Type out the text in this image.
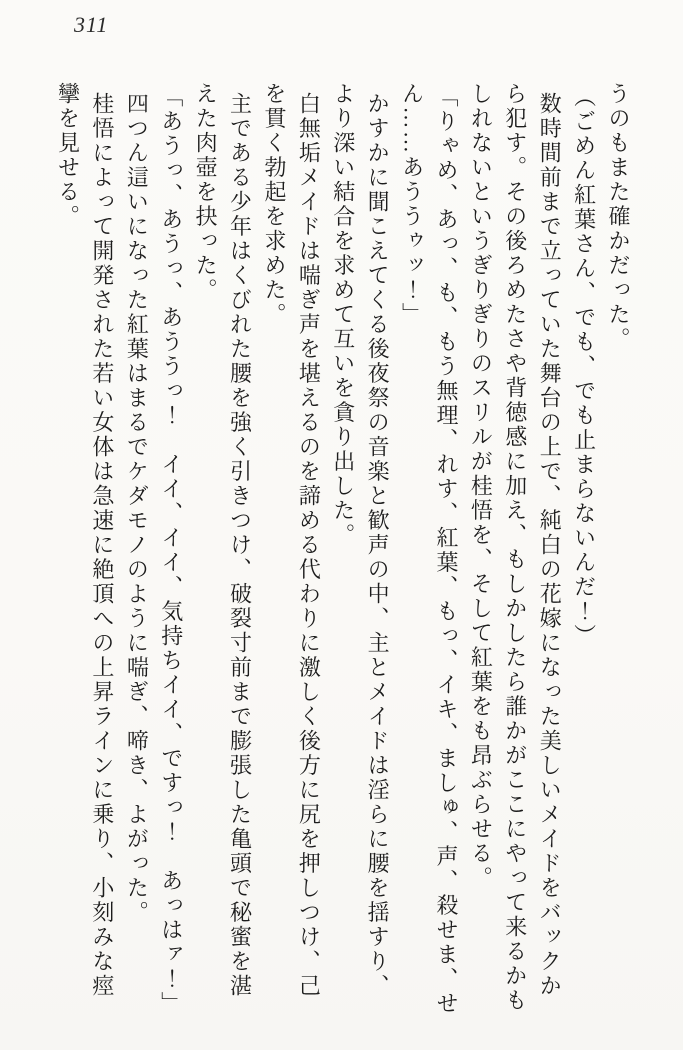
311
うのもまた確かだった。
（ごめん紅葉さん、でも、でも止まらないんだ！）
数時間前まで立っていた舞台の上で、純白の花嫁になった美しいメイドをバックか
ら犯す。その後ろめたさや背徳感に加え、もしかしたら誰かがここにやって来るかも
しれないというぎりぎりのスリルが桂悟を、そして紅葉をも昂ぶらせる。
「りゃめ、あっ、も、もう無理、れす、紅葉、もっ、イキ、ましゅ、声、殺せま、せ
ん……あううゥッ！」
かすかに聞こえてくる後夜祭の音楽と歓声の中、主とメイドは淫らに腰を揺すり、
より深い結合を求めて互いを貪り出した。
白無垢メイドは喘ぎ声を堪えるのを諦める代わりに激しく後方に尻を押しつけ、己
を貫く勃起を求めた。
主である少年はくびれた腰を強く引きつけ、破裂寸前まで膨張した亀頭で秘蜜を湛
えた肉壺を抉った。
「あうっ、あうっ、あううっ！　イイ、イイ、気持ちイイ、ですっ！　あっはァ！」
四つん這いになった紅葉はまるでケダモノのように喘ぎ、啼き、よがった。
桂悟によって開発された若い女体は急速に絶頂への上昇ラインに乗り、小刻みな痙
攣を見せる。
